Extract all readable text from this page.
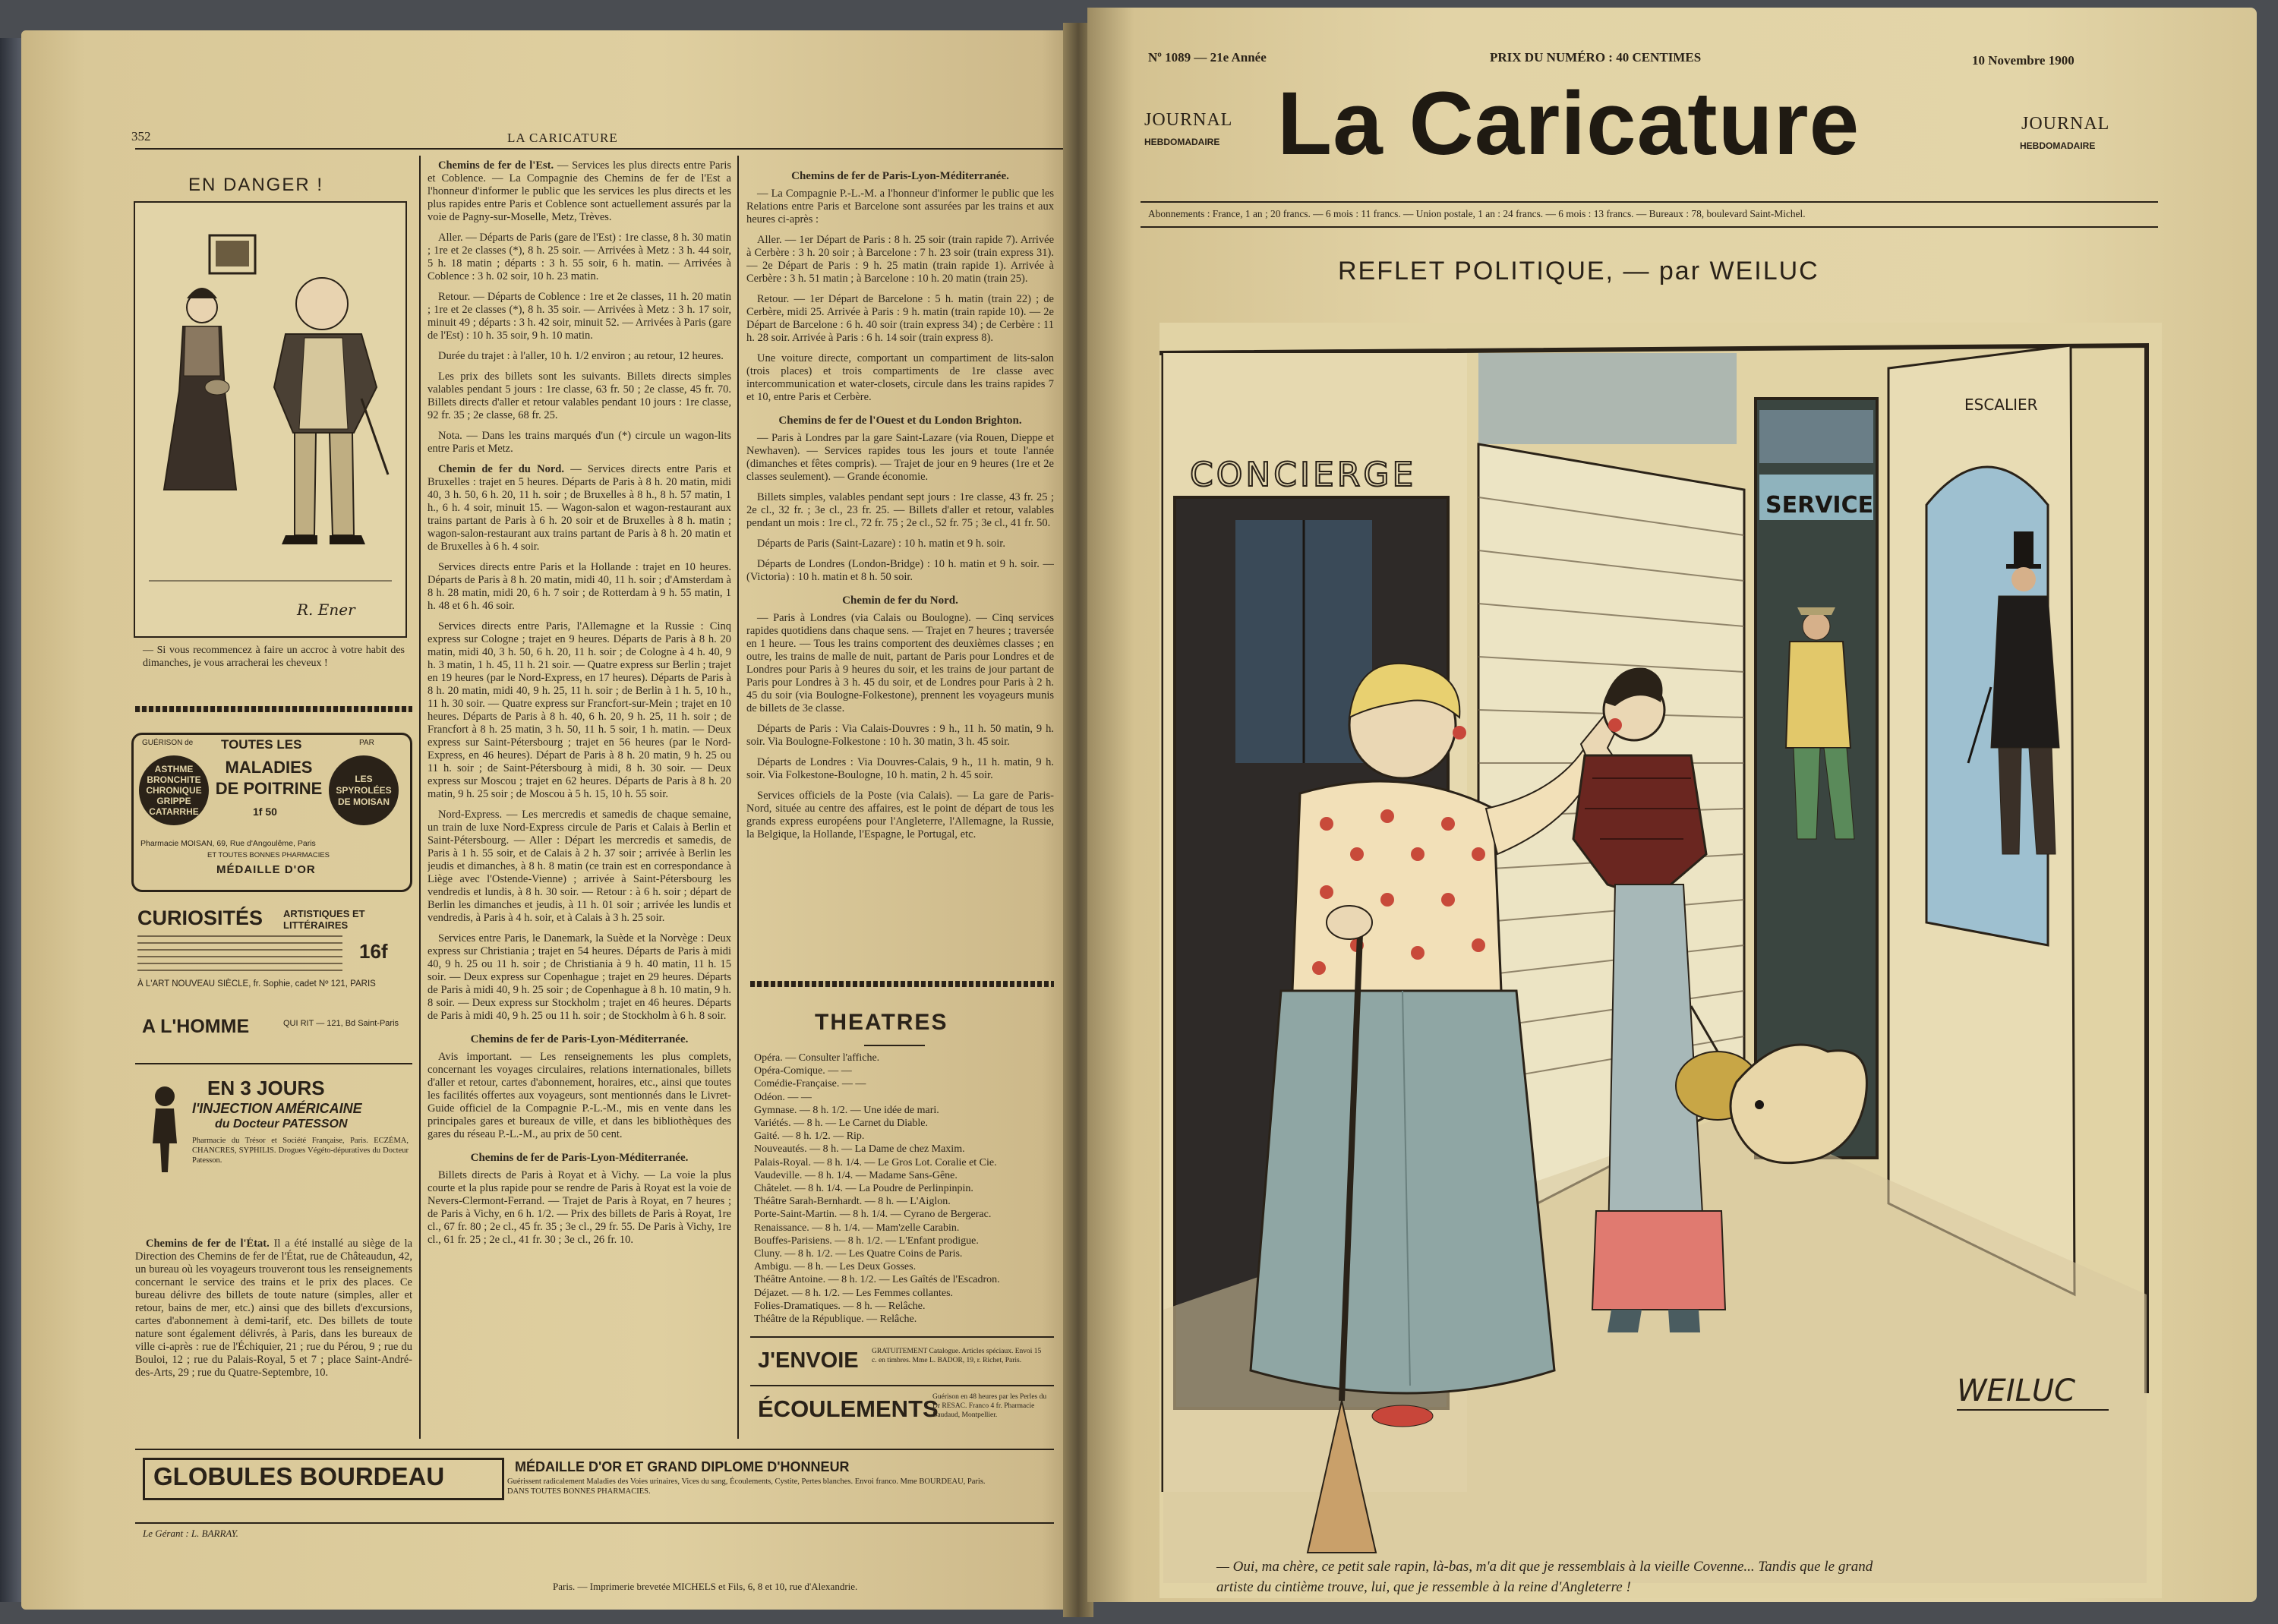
352	LA CARICATURE
EN DANGER !
R. Ener
— Si vous recommencez à faire un accroc à votre habit des dimanches, je vous arracherai les cheveux !
GUÉRISON de TOUTES LES	PAR
ASTHME BRONCHITE CHRONIQUE GRIPPE CATARRHE
MALADIES DE POITRINE
1f 50
LES SPYROLÉES DE MOISAN
Pharmacie MOISAN, 69, Rue d'Angoulême, Paris
ET TOUTES BONNES PHARMACIES
MÉDAILLE D'OR
CURIOSITÉS ARTISTIQUES ET LITTÉRAIRES
16f
À L'ART NOUVEAU SIÈCLE, fr. Sophie, cadet Nº 121, PARIS
A L'HOMME	QUI RIT — 121, Bd Saint-Paris
EN 3 JOURS
l'INJECTION AMÉRICAINE
du Docteur PATESSON
Pharmacie du Trésor et Société Française, Paris. ECZÉMA, CHANCRES, SYPHILIS. Drogues Végéto-dépuratives du Docteur Patesson.

Chemins de fer de l'État. Il a été installé au siège de la Direction des Chemins de fer de l'État, rue de Châteaudun, 42, un bureau où les voyageurs trouveront tous les renseignements concernant le service des trains et le prix des places. Ce bureau délivre des billets de toute nature (simples, aller et retour, bains de mer, etc.) ainsi que des billets d'excursions, cartes d'abonnement à demi-tarif, etc. Des billets de toute nature sont également délivrés, à Paris, dans les bureaux de ville ci-après : rue de l'Échiquier, 21 ; rue du Pérou, 9 ; rue du Bouloi, 12 ; rue du Palais-Royal, 5 et 7 ; place Saint-André-des-Arts, 29 ; rue du Quatre-Septembre, 10.

Chemins de fer de l'Est. — Services les plus directs entre Paris et Coblence. — La Compagnie des Chemins de fer de l'Est a l'honneur d'informer le public que les services les plus directs et les plus rapides entre Paris et Coblence sont actuellement assurés par la voie de Pagny-sur-Moselle, Metz, Trèves.

Aller. — Départs de Paris (gare de l'Est) : 1re classe, 8 h. 30 matin ; 1re et 2e classes (*), 8 h. 25 soir. — Arrivées à Metz : 3 h. 44 soir, 5 h. 18 matin ; départs : 3 h. 55 soir, 6 h. matin. — Arrivées à Coblence : 3 h. 02 soir, 10 h. 23 matin.

Retour. — Départs de Coblence : 1re et 2e classes, 11 h. 20 matin ; 1re et 2e classes (*), 8 h. 35 soir. — Arrivées à Metz : 3 h. 17 soir, minuit 49 ; départs : 3 h. 42 soir, minuit 52. — Arrivées à Paris (gare de l'Est) : 10 h. 35 soir, 9 h. 10 matin.

Durée du trajet : à l'aller, 10 h. 1/2 environ ; au retour, 12 heures.

Les prix des billets sont les suivants. Billets directs simples valables pendant 5 jours : 1re classe, 63 fr. 50 ; 2e classe, 45 fr. 70. Billets directs d'aller et retour valables pendant 10 jours : 1re classe, 92 fr. 35 ; 2e classe, 68 fr. 25.

Nota. — Dans les trains marqués d'un (*) circule un wagon-lits entre Paris et Metz.

Chemin de fer du Nord. — Services directs entre Paris et Bruxelles : trajet en 5 heures. Départs de Paris à 8 h. 20 matin, midi 40, 3 h. 50, 6 h. 20, 11 h. soir ; de Bruxelles à 8 h., 8 h. 57 matin, 1 h., 6 h. 4 soir, minuit 15. — Wagon-salon et wagon-restaurant aux trains partant de Paris à 6 h. 20 soir et de Bruxelles à 8 h. matin ; wagon-salon-restaurant aux trains partant de Paris à 8 h. 20 matin et de Bruxelles à 6 h. 4 soir.

Services directs entre Paris et la Hollande : trajet en 10 heures. Départs de Paris à 8 h. 20 matin, midi 40, 11 h. soir ; d'Amsterdam à 8 h. 28 matin, midi 20, 6 h. 7 soir ; de Rotterdam à 9 h. 55 matin, 1 h. 48 et 6 h. 46 soir.

Services directs entre Paris, l'Allemagne et la Russie : Cinq express sur Cologne ; trajet en 9 heures. Départs de Paris à 8 h. 20 matin, midi 40, 3 h. 50, 6 h. 20, 11 h. soir ; de Cologne à 4 h. 40, 9 h. 3 matin, 1 h. 45, 11 h. 21 soir. — Quatre express sur Berlin ; trajet en 19 heures (par le Nord-Express, en 17 heures). Départs de Paris à 8 h. 20 matin, midi 40, 9 h. 25, 11 h. soir ; de Berlin à 1 h. 5, 10 h., 11 h. 30 soir. — Quatre express sur Francfort-sur-Mein ; trajet en 10 heures. Départs de Paris à 8 h. 40, 6 h. 20, 9 h. 25, 11 h. soir ; de Francfort à 8 h. 25 matin, 3 h. 50, 11 h. 5 soir, 1 h. matin. — Deux express sur Saint-Pétersbourg ; trajet en 56 heures (par le Nord-Express, en 46 heures). Départ de Paris à 8 h. 20 matin, 9 h. 25 ou 11 h. soir ; de Saint-Pétersbourg à midi, 8 h. 30 soir. — Deux express sur Moscou ; trajet en 62 heures. Départs de Paris à 8 h. 20 matin, 9 h. 25 soir ; de Moscou à 5 h. 15, 10 h. 55 soir.

Nord-Express. — Les mercredis et samedis de chaque semaine, un train de luxe Nord-Express circule de Paris et Calais à Berlin et Saint-Pétersbourg. — Aller : Départ les mercredis et samedis, de Paris à 1 h. 55 soir, et de Calais à 2 h. 37 soir ; arrivée à Berlin les jeudis et dimanches, à 8 h. 8 matin (ce train est en correspondance à Liège avec l'Ostende-Vienne) ; arrivée à Saint-Pétersbourg les vendredis et lundis, à 8 h. 30 soir. — Retour : à 6 h. soir ; départ de Berlin les dimanches et jeudis, à 11 h. 01 soir ; arrivée les lundis et vendredis, à Paris à 4 h. soir, et à Calais à 3 h. 25 soir.

Services entre Paris, le Danemark, la Suède et la Norvège : Deux express sur Christiania ; trajet en 54 heures. Départs de Paris à midi 40, 9 h. 25 ou 11 h. soir ; de Christiania à 9 h. 40 matin, 11 h. 15 soir. — Deux express sur Copenhague ; trajet en 29 heures. Départs de Paris à midi 40, 9 h. 25 soir ; de Copenhague à 8 h. 10 matin, 9 h. 8 soir. — Deux express sur Stockholm ; trajet en 46 heures. Départs de Paris à midi 40, 9 h. 25 ou 11 h. soir ; de Stockholm à 6 h. 8 soir.

Chemins de fer de Paris-Lyon-Méditerranée.

Avis important. — Les renseignements les plus complets, concernant les voyages circulaires, relations internationales, billets d'aller et retour, cartes d'abonnement, horaires, etc., ainsi que toutes les facilités offertes aux voyageurs, sont mentionnés dans le Livret-Guide officiel de la Compagnie P.-L.-M., mis en vente dans les principales gares et bureaux de ville, et dans les bibliothèques des gares du réseau P.-L.-M., au prix de 50 cent.

Chemins de fer de Paris-Lyon-Méditerranée.

Billets directs de Paris à Royat et à Vichy. — La voie la plus courte et la plus rapide pour se rendre de Paris à Royat est la voie de Nevers-Clermont-Ferrand. — Trajet de Paris à Royat, en 7 heures ; de Paris à Vichy, en 6 h. 1/2. — Prix des billets de Paris à Royat, 1re cl., 67 fr. 80 ; 2e cl., 45 fr. 35 ; 3e cl., 29 fr. 55. De Paris à Vichy, 1re cl., 61 fr. 25 ; 2e cl., 41 fr. 30 ; 3e cl., 26 fr. 10.

Chemins de fer de Paris-Lyon-Méditerranée.

— La Compagnie P.-L.-M. a l'honneur d'informer le public que les Relations entre Paris et Barcelone sont assurées par les trains et aux heures ci-après :

Aller. — 1er Départ de Paris : 8 h. 25 soir (train rapide 7). Arrivée à Cerbère : 3 h. 20 soir ; à Barcelone : 7 h. 23 soir (train express 31). — 2e Départ de Paris : 9 h. 25 matin (train rapide 1). Arrivée à Cerbère : 3 h. 51 matin ; à Barcelone : 10 h. 20 matin (train 25).

Retour. — 1er Départ de Barcelone : 5 h. matin (train 22) ; de Cerbère, midi 25. Arrivée à Paris : 9 h. matin (train rapide 10). — 2e Départ de Barcelone : 6 h. 40 soir (train express 34) ; de Cerbère : 11 h. 28 soir. Arrivée à Paris : 6 h. 14 soir (train express 8).

Une voiture directe, comportant un compartiment de lits-salon (trois places) et trois compartiments de 1re classe avec intercommunication et water-closets, circule dans les trains rapides 7 et 10, entre Paris et Cerbère.

Chemins de fer de l'Ouest et du London Brighton.

— Paris à Londres par la gare Saint-Lazare (via Rouen, Dieppe et Newhaven). — Services rapides tous les jours et toute l'année (dimanches et fêtes compris). — Trajet de jour en 9 heures (1re et 2e classes seulement). — Grande économie.

Billets simples, valables pendant sept jours : 1re classe, 43 fr. 25 ; 2e cl., 32 fr. ; 3e cl., 23 fr. 25. — Billets d'aller et retour, valables pendant un mois : 1re cl., 72 fr. 75 ; 2e cl., 52 fr. 75 ; 3e cl., 41 fr. 50.

Départs de Paris (Saint-Lazare) : 10 h. matin et 9 h. soir.

Départs de Londres (London-Bridge) : 10 h. matin et 9 h. soir. — (Victoria) : 10 h. matin et 8 h. 50 soir.

Chemin de fer du Nord.

— Paris à Londres (via Calais ou Boulogne). — Cinq services rapides quotidiens dans chaque sens. — Trajet en 7 heures ; traversée en 1 heure. — Tous les trains comportent des deuxièmes classes ; en outre, les trains de malle de nuit, partant de Paris pour Londres et de Londres pour Paris à 9 heures du soir, et les trains de jour partant de Paris pour Londres à 3 h. 45 du soir, et de Londres pour Paris à 2 h. 45 du soir (via Boulogne-Folkestone), prennent les voyageurs munis de billets de 3e classe.

Départs de Paris : Via Calais-Douvres : 9 h., 11 h. 50 matin, 9 h. soir. Via Boulogne-Folkestone : 10 h. 30 matin, 3 h. 45 soir.

Départs de Londres : Via Douvres-Calais, 9 h., 11 h. matin, 9 h. soir. Via Folkestone-Boulogne, 10 h. matin, 2 h. 45 soir.

Services officiels de la Poste (via Calais). — La gare de Paris-Nord, située au centre des affaires, est le point de départ de tous les grands express européens pour l'Angleterre, l'Allemagne, la Russie, la Belgique, la Hollande, l'Espagne, le Portugal, etc.

THEATRES
Opéra. — Consulter l'affiche.
Opéra-Comique. — —
Comédie-Française. — —
Odéon. — —
Gymnase. — 8 h. 1/2. — Une idée de mari.
Variétés. — 8 h. — Le Carnet du Diable.
Gaité. — 8 h. 1/2. — Rip.
Nouveautés. — 8 h. — La Dame de chez Maxim.
Palais-Royal. — 8 h. 1/4. — Le Gros Lot. Coralie et Cie.
Vaudeville. — 8 h. 1/4. — Madame Sans-Gêne.
Châtelet. — 8 h. 1/4. — La Poudre de Perlinpinpin.
Théâtre Sarah-Bernhardt. — 8 h. — L'Aiglon.
Porte-Saint-Martin. — 8 h. 1/4. — Cyrano de Bergerac.
Renaissance. — 8 h. 1/4. — Mam'zelle Carabin.
Bouffes-Parisiens. — 8 h. 1/2. — L'Enfant prodigue.
Cluny. — 8 h. 1/2. — Les Quatre Coins de Paris.
Ambigu. — 8 h. — Les Deux Gosses.
Théâtre Antoine. — 8 h. 1/2. — Les Gaîtés de l'Escadron.
Déjazet. — 8 h. 1/2. — Les Femmes collantes.
Folies-Dramatiques. — 8 h. — Relâche.
Théâtre de la République. — Relâche.
J'ENVOIE GRATUITEMENT Catalogue. Articles spéciaux. Envoi 15 c. en timbres. Mme L. BADOR, 19, r. Richet, Paris.
ÉCOULEMENTS
Guérison en 48 heures par les Perles du Dr RESAC. Franco 4 fr. Pharmacie Baudaud, Montpellier.
GLOBULES BOURDEAU	MÉDAILLE D'OR ET GRAND DIPLOME D'HONNEUR
Guérissent radicalement Maladies des Voies urinaires, Vices du sang, Écoulements, Cystite, Pertes blanches. Envoi franco. Mme BOURDEAU, Paris. DANS TOUTES BONNES PHARMACIES.
Le Gérant : L. BARRAY.
Paris. — Imprimerie brevetée MICHELS et Fils, 6, 8 et 10, rue d'Alexandrie.
Nº 1089 — 21e Année	PRIX DU NUMÉRO : 40 CENTIMES	10 Novembre 1900
JOURNAL
HEBDOMADAIRE La Caricature	JOURNAL
HEBDOMADAIRE
Abonnements : France, 1 an ; 20 francs. — 6 mois : 11 francs. — Union postale, 1 an : 24 francs. — 6 mois : 13 francs. — Bureaux : 78, boulevard Saint-Michel.
REFLET POLITIQUE, — par WEILUC
CONCIERGE
SERVICE
ESCALIER
WEILUC
— Oui, ma chère, ce petit sale rapin, là-bas, m'a dit que je ressemblais à la vieille Covenne... Tandis que le grand
artiste du cintième trouve, lui, que je ressemble à la reine d'Angleterre !
